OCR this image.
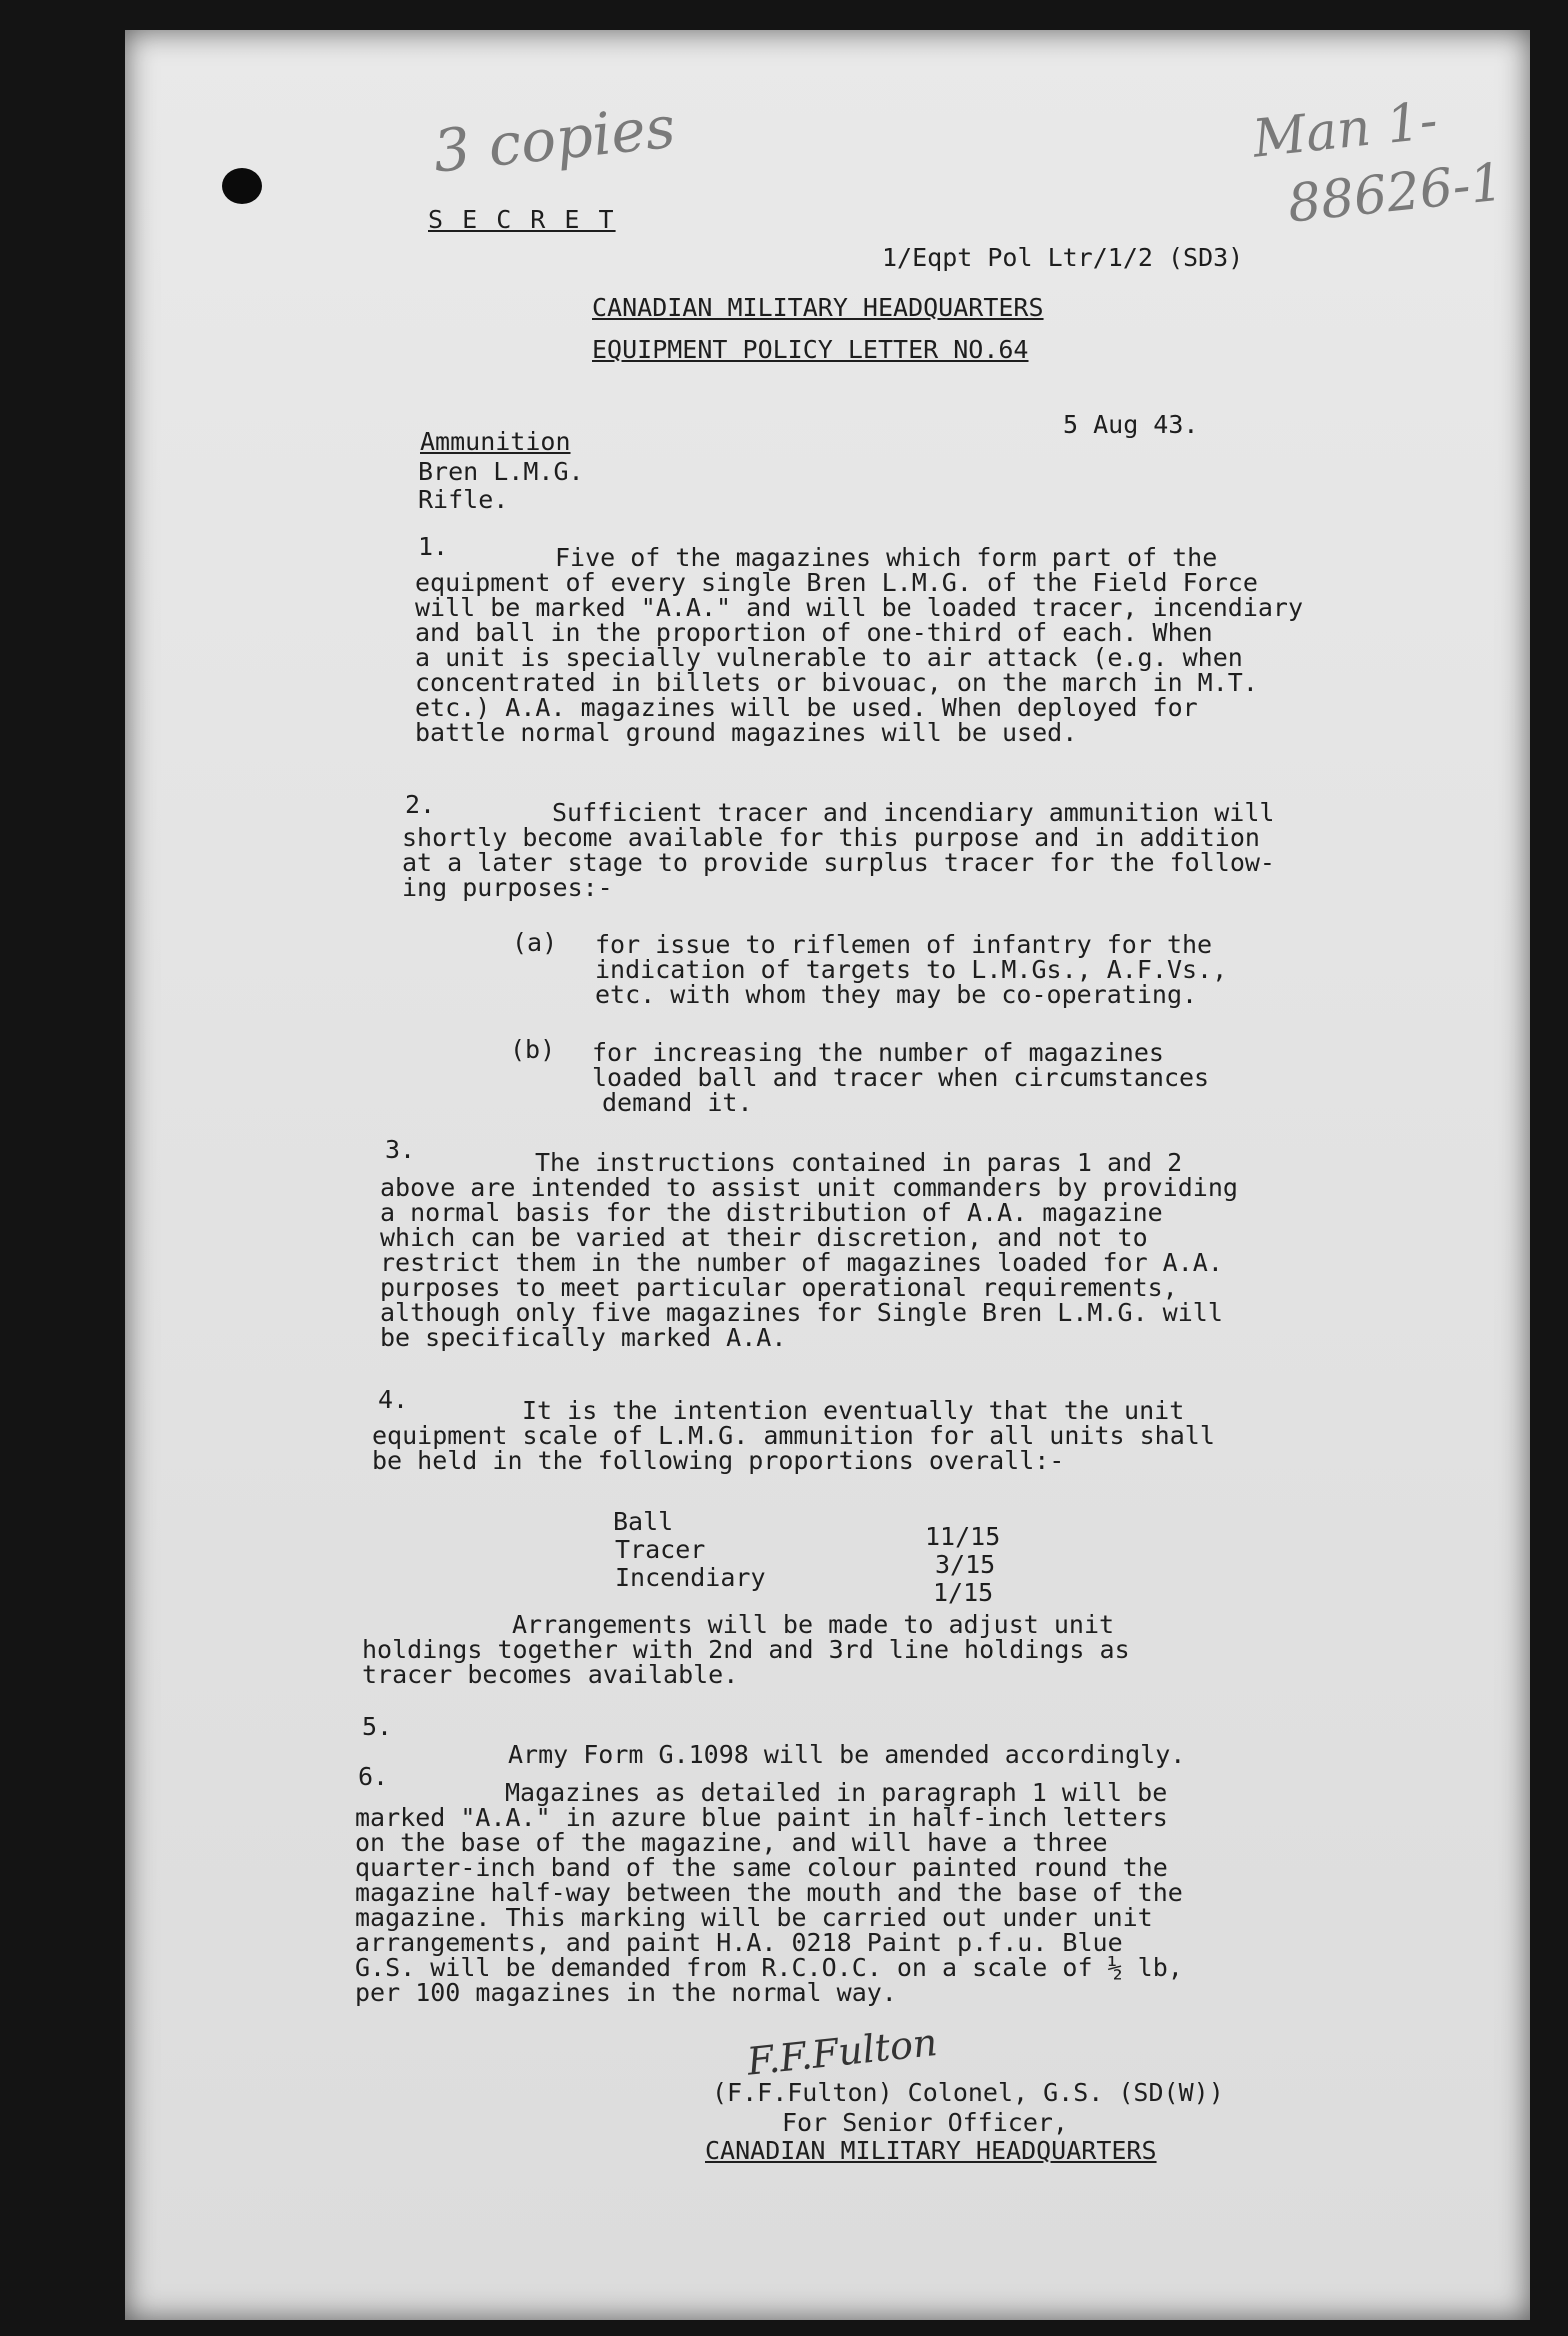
3 copies	Man 1-
88626-1
S E C R E T
1/Eqpt Pol Ltr/1/2 (SD3)
CANADIAN MILITARY HEADQUARTERS
EQUIPMENT POLICY LETTER NO.64
5 Aug 43.
Ammunition
Bren L.M.G.
Rifle.
1.	Five of the magazines which form part of the
equipment of every single Bren L.M.G. of the Field Force
will be marked "A.A." and will be loaded tracer, incendiary
and ball in the proportion of one-third of each. When
a unit is specially vulnerable to air attack (e.g. when
concentrated in billets or bivouac, on the march in M.T.
etc.) A.A. magazines will be used. When deployed for
battle normal ground magazines will be used.
2.	Sufficient tracer and incendiary ammunition will
shortly become available for this purpose and in addition
at a later stage to provide surplus tracer for the follow-
ing purposes:-
(a) for issue to riflemen of infantry for the
indication of targets to L.M.Gs., A.F.Vs.,
etc. with whom they may be co-operating.
(b) for increasing the number of magazines
loaded ball and tracer when circumstances
demand it.
3.	The instructions contained in paras 1 and 2
above are intended to assist unit commanders by providing
a normal basis for the distribution of A.A. magazine
which can be varied at their discretion, and not to
restrict them in the number of magazines loaded for A.A.
purposes to meet particular operational requirements,
although only five magazines for Single Bren L.M.G. will
be specifically marked A.A.
4.	It is the intention eventually that the unit
equipment scale of L.M.G. ammunition for all units shall
be held in the following proportions overall:-
Ball
11/15
Tracer
3/15
Incendiary
1/15
Arrangements will be made to adjust unit
holdings together with 2nd and 3rd line holdings as
tracer becomes available.
5.
Army Form G.1098 will be amended accordingly.
6.
Magazines as detailed in paragraph 1 will be
marked "A.A." in azure blue paint in half-inch letters
on the base of the magazine, and will have a three
quarter-inch band of the same colour painted round the
magazine half-way between the mouth and the base of the
magazine. This marking will be carried out under unit
arrangements, and paint H.A. 0218 Paint p.f.u. Blue
G.S. will be demanded from R.C.O.C. on a scale of ½ lb,
per 100 magazines in the normal way.
F.F.Fulton
(F.F.Fulton) Colonel, G.S. (SD(W))
For Senior Officer,
CANADIAN MILITARY HEADQUARTERS
